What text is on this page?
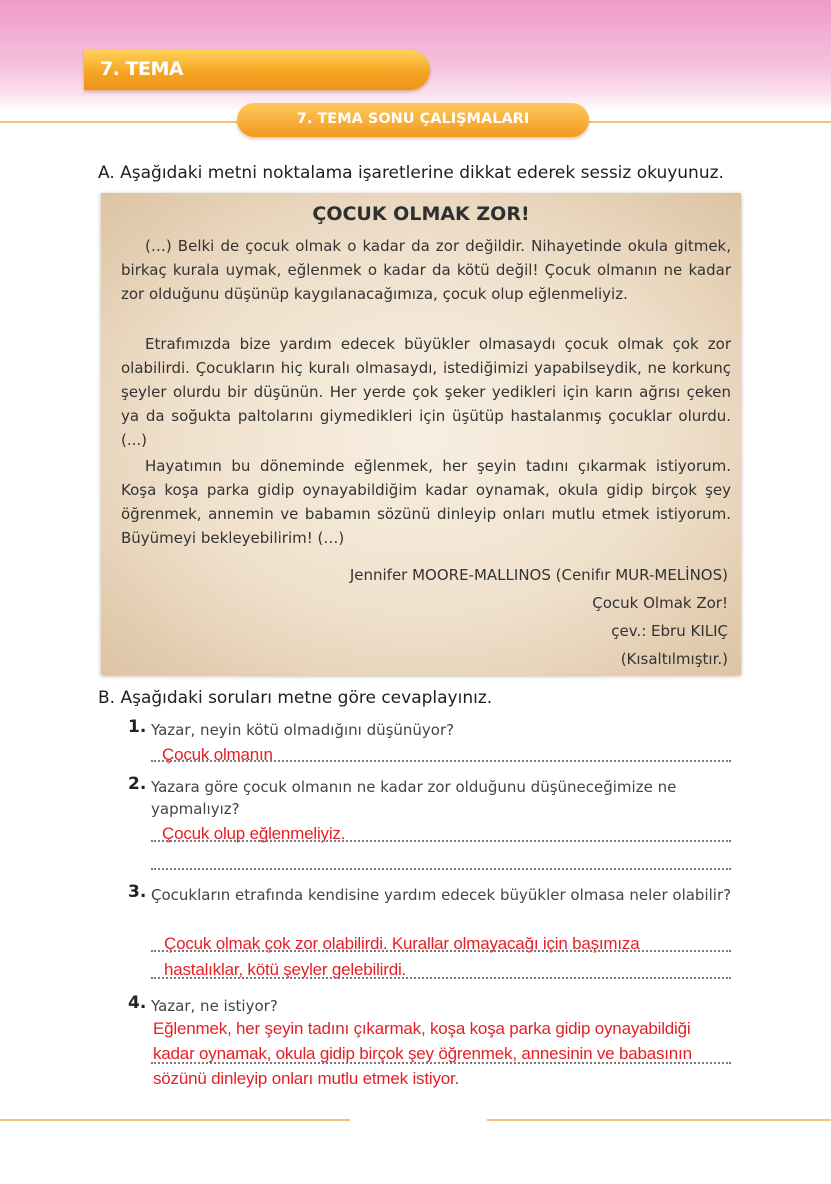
7. TEMA
7. TEMA SONU ÇALIŞMALARI
A. Aşağıdaki metni noktalama işaretlerine dikkat ederek sessiz okuyunuz.
ÇOCUK OLMAK ZOR!
(…) Belki de çocuk olmak o kadar da zor değildir. Nihayetinde okula gitmek, birkaç kurala uymak, eğlenmek o kadar da kötü değil! Çocuk olmanın ne kadar zor olduğunu düşünüp kaygılanacağımıza, çocuk olup eğlenmeliyiz.
Etrafımızda bize yardım edecek büyükler olmasaydı çocuk olmak çok zor olabilirdi. Çocukların hiç kuralı olmasaydı, istediğimizi yapabilseydik, ne korkunç şeyler olurdu bir düşünün. Her yerde çok şeker yedikleri için karın ağrısı çeken ya da soğukta paltolarını giymedikleri için üşütüp hastalanmış çocuklar olurdu. (...)
Hayatımın bu döneminde eğlenmek, her şeyin tadını çıkarmak istiyorum. Koşa koşa parka gidip oynayabildiğim kadar oynamak, okula gidip birçok şey öğrenmek, annemin ve babamın sözünü dinleyip onları mutlu etmek istiyorum. Büyümeyi bekleyebilirim! (…)
Jennifer MOORE-MALLINOS (Cenifır MUR-MELİNOS)
Çocuk Olmak Zor!
çev.: Ebru KILIÇ
(Kısaltılmıştır.)
B. Aşağıdaki soruları metne göre cevaplayınız.
1. Yazar, neyin kötü olmadığını düşünüyor?
Çocuk olmanın
2. Yazara göre çocuk olmanın ne kadar zor olduğunu düşüneceğimize ne yapmalıyız?
Çocuk olup eğlenmeliyiz.
3. Çocukların etrafında kendisine yardım edecek büyükler olmasa neler olabilir?
Çocuk olmak çok zor olabilirdi. Kurallar olmayacağı için başımıza
hastalıklar, kötü şeyler gelebilirdi.
4. Yazar, ne istiyor?
Eğlenmek, her şeyin tadını çıkarmak, koşa koşa parka gidip oynayabildiği
kadar oynamak, okula gidip birçok şey öğrenmek, annesinin ve babasının
sözünü dinleyip onları mutlu etmek istiyor.
